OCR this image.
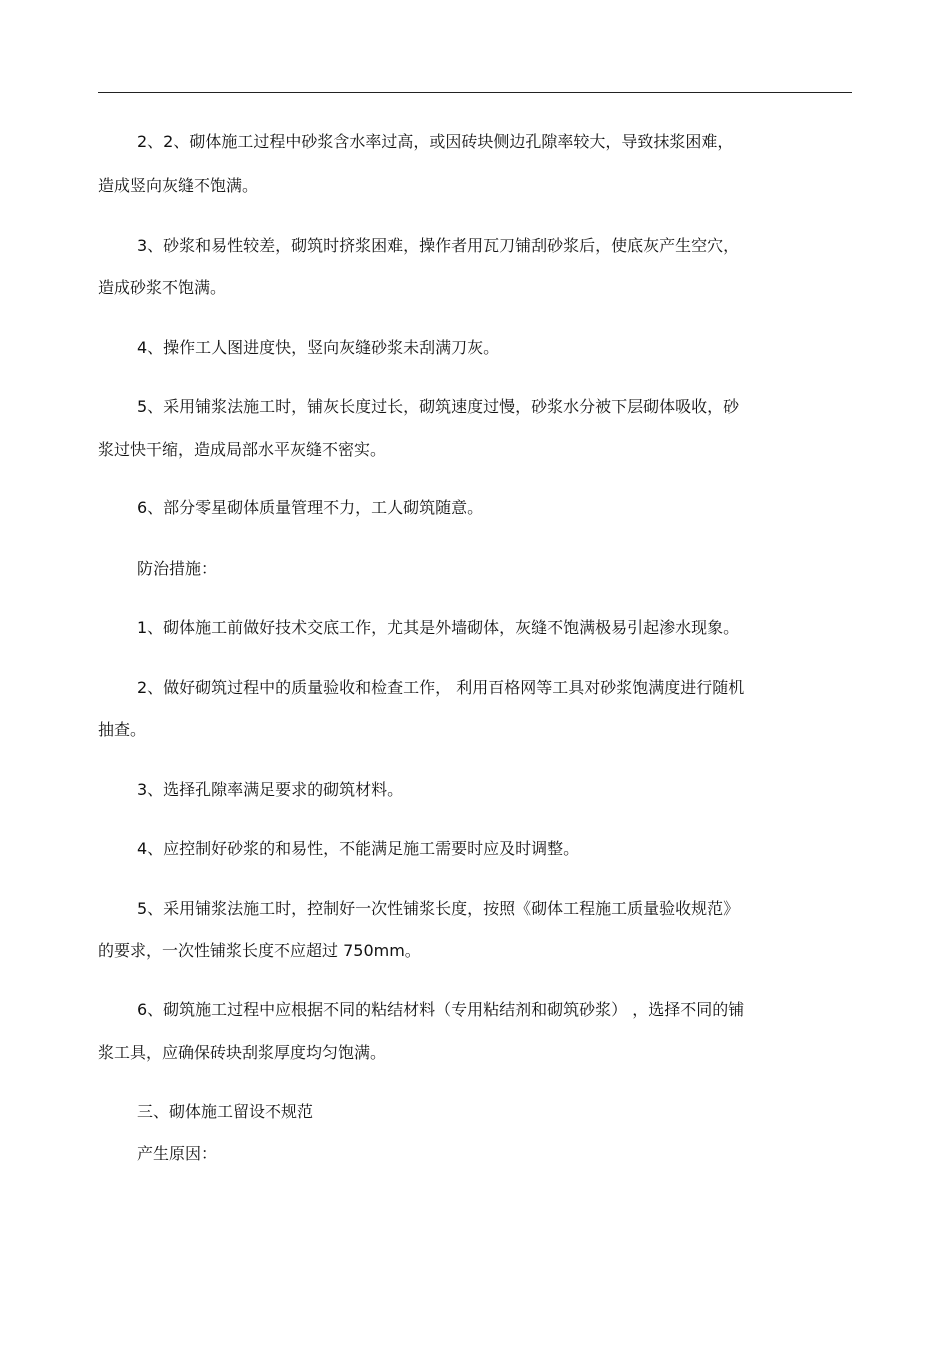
2、2、砌体施工过程中砂浆含水率过高，或因砖块侧边孔隙率较大，导致抹浆困难，

造成竖向灰缝不饱满。

3、砂浆和易性较差，砌筑时挤浆困难，操作者用瓦刀铺刮砂浆后，使底灰产生空穴，

造成砂浆不饱满。

4、操作工人图进度快，竖向灰缝砂浆未刮满刀灰。

5、采用铺浆法施工时，铺灰长度过长，砌筑速度过慢，砂浆水分被下层砌体吸收，砂

浆过快干缩，造成局部水平灰缝不密实。

6、部分零星砌体质量管理不力，工人砌筑随意。

防治措施：

1、砌体施工前做好技术交底工作，尤其是外墙砌体，灰缝不饱满极易引起渗水现象。

2、做好砌筑过程中的质量验收和检查工作， 利用百格网等工具对砂浆饱满度进行随机

抽查。

3、选择孔隙率满足要求的砌筑材料。

4、应控制好砂浆的和易性，不能满足施工需要时应及时调整。

5、采用铺浆法施工时，控制好一次性铺浆长度，按照《砌体工程施工质量验收规范》

的要求，一次性铺浆长度不应超过 750mm。

6、砌筑施工过程中应根据不同的粘结材料（专用粘结剂和砌筑砂浆） ，选择不同的铺

浆工具，应确保砖块刮浆厚度均匀饱满。

三、砌体施工留设不规范

产生原因：
